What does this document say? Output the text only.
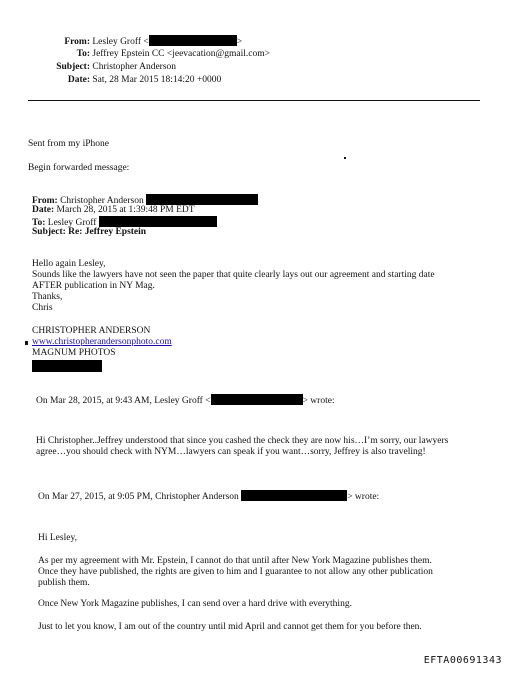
From: Lesley Groff <	>
To: Jeffrey Epstein CC <jeevacation@gmail.com>
Subject: Christopher Anderson
Date: Sat, 28 Mar 2015 18:14:20 +0000
Sent from my iPhone
Begin forwarded message:
From: Christopher Anderson
Date: March 28, 2015 at 1:39:48 PM EDT
To: Lesley Groff
Subject: Re: Jeffrey Epstein
Hello again Lesley,
Sounds like the lawyers have not seen the paper that quite clearly lays out our agreement and starting date
AFTER publication in NY Mag.
Thanks,
Chris
CHRISTOPHER ANDERSON
www.christopherandersonphoto.com
MAGNUM PHOTOS
On Mar 28, 2015, at 9:43 AM, Lesley Groff <	> wrote:
Hi Christopher..Jeffrey understood that since you cashed the check they are now his…I’m sorry, our lawyers
agree…you should check with NYM…lawyers can speak if you want…sorry, Jeffrey is also traveling!
On Mar 27, 2015, at 9:05 PM, Christopher Anderson	> wrote:
Hi Lesley,
As per my agreement with Mr. Epstein, I cannot do that until after New York Magazine publishes them.
Once they have published, the rights are given to him and I guarantee to not allow any other publication
publish them.
Once New York Magazine publishes, I can send over a hard drive with everything.
Just to let you know, I am out of the country until mid April and cannot get them for you before then.
EFTA00691343
